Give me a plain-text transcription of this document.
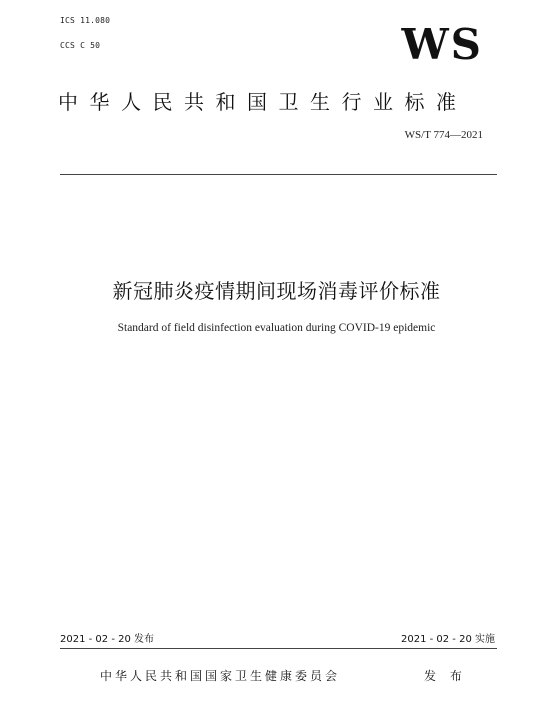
ICS 11.080
CCS C 50	WS
中华人民共和国卫生行业标准
WS/T 774—2021
新冠肺炎疫情期间现场消毒评价标准
Standard of field disinfection evaluation during COVID-19 epidemic
2021 - 02 - 20 发布	2021 - 02 - 20 实施
中华人民共和国国家卫生健康委员会	发 布
